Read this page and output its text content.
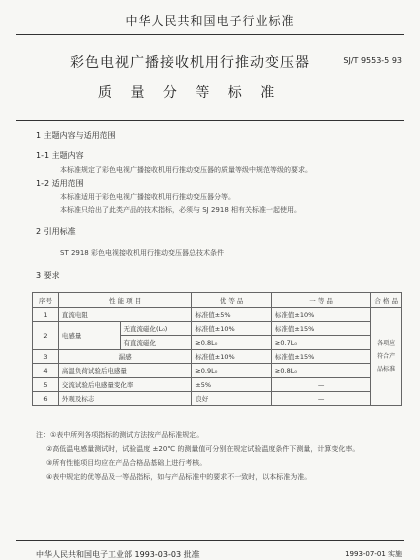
中华人民共和国电子行业标准
彩色电视广播接收机用行推动变压器	SJ/T 9553-5 93
质 量 分 等 标 准
1 主题内容与适用范围
1-1 主题内容
本标准规定了彩色电视广播接收机用行推动变压器的质量等级中规范等级的要求。
1-2 适用范围
本标准适用于彩色电视广播接收机用行推动变压器分等。
本标准只给出了此类产品的技术指标，必须与 SJ 2918 相有关标准一起使用。
2 引用标准
ST 2918 彩色电视接收机用行推动变压器总技术条件
3 要求
序号	性 能 项 目		优 等 品	一 等 品	合 格 品
1	直流电阻		标准值±5%	标准值±10%	各项应符合产品标准
2	电感量	无直流磁化(L₀)	标准值±10%	标准值±15%	
		有直流磁化	≥0.8L₀	≥0.7L₀	
3	漏感		标准值±10%	标准值±15%	
4	高温负荷试验后电感量		≥0.9L₀	≥0.8L₀	
5	交流试验后电感量变化率		±5%	—	
6	外观及标志		良好	—	
注：①表中所列各项指标的测试方法按产品标准规定。
②高低温电感量测试时，试验温度 ±20℃ 的测量值可分别在规定试验温度条件下测量，计算变化率。
③所有性能项目均应在产品合格品基础上进行考核。
④表中规定的优等品及一等品指标，如与产品标准中的要求不一致时，以本标准为准。
中华人民共和国电子工业部 1993-03-03 批准	1993-07-01 实施
